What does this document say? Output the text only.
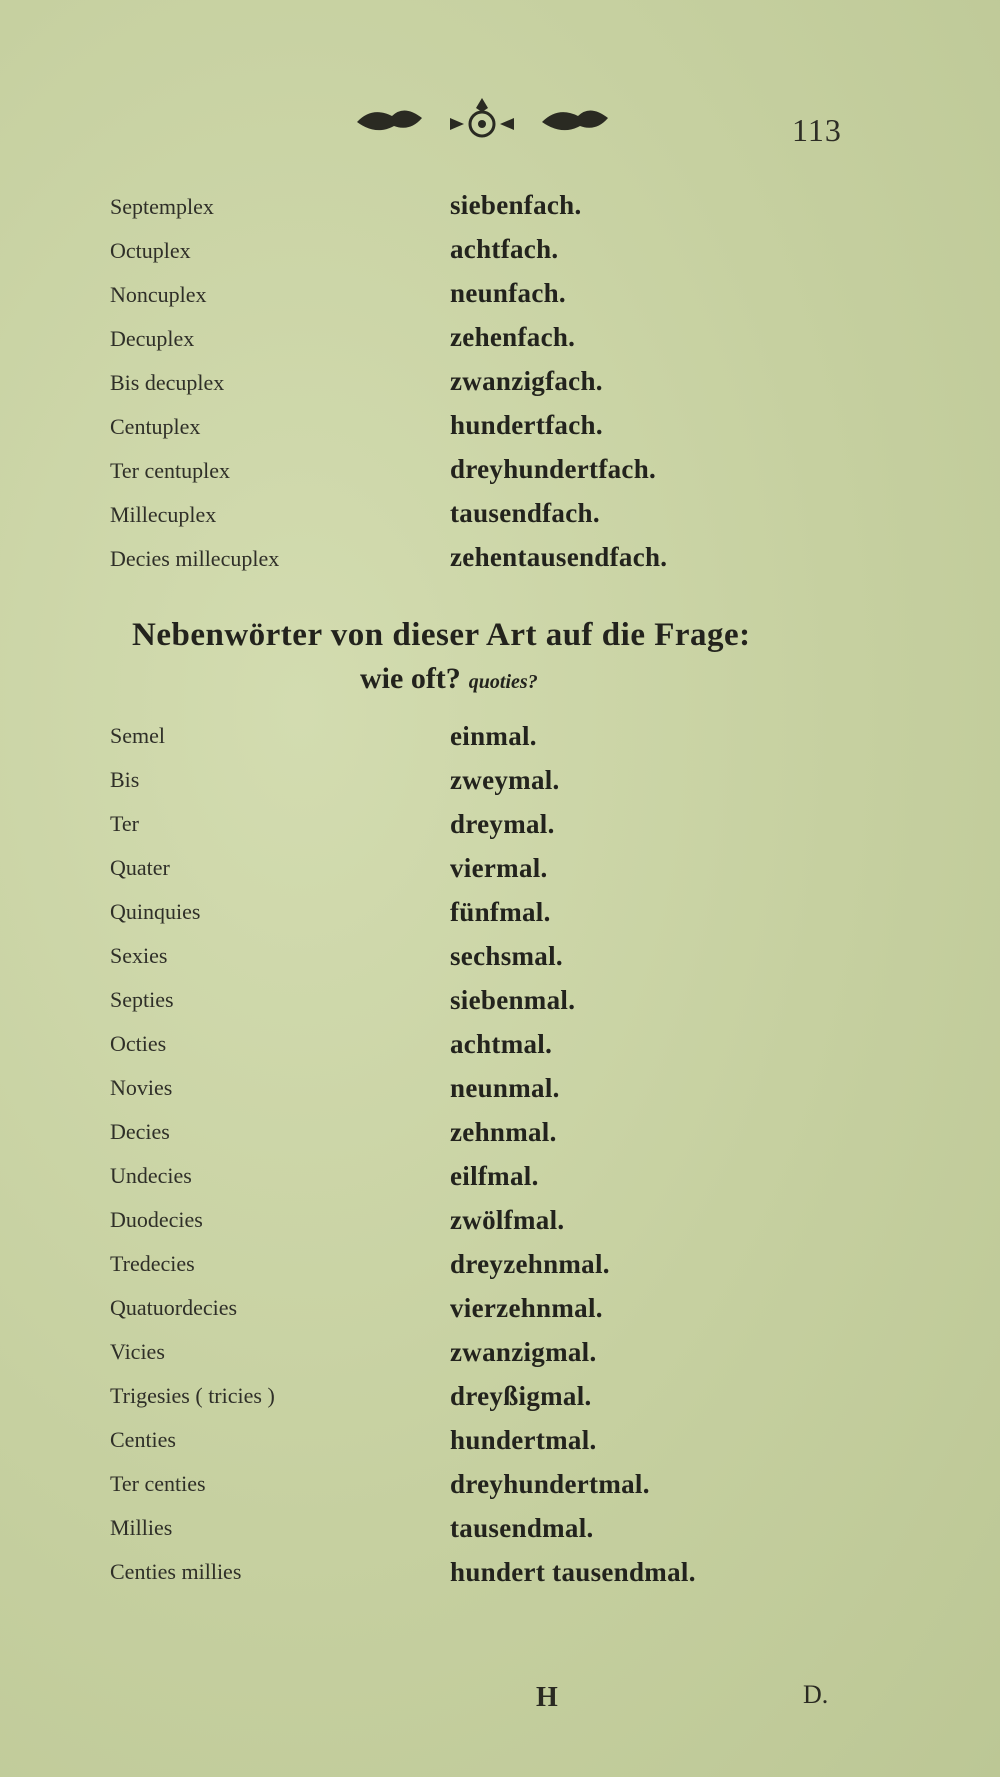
113
Septemplex	siebenfach.
Octuplex	achtfach.
Noncuplex	neunfach.
Decuplex	zehenfach.
Bis decuplex	zwanzigfach.
Centuplex	hundertfach.
Ter centuplex	dreyhundertfach.
Millecuplex	tausendfach.
Decies millecuplex	zehentausendfach.
Nebenwörter von dieser Art auf die Frage:
wie oft? quoties?
Semel	einmal.
Bis	zweymal.
Ter	dreymal.
Quater	viermal.
Quinquies	fünfmal.
Sexies	sechsmal.
Septies	siebenmal.
Octies	achtmal.
Novies	neunmal.
Decies	zehnmal.
Undecies	eilfmal.
Duodecies	zwölfmal.
Tredecies	dreyzehnmal.
Quatuordecies	vierzehnmal.
Vicies	zwanzigmal.
Trigesies ( tricies )	dreyßigmal.
Centies	hundertmal.
Ter centies	dreyhundertmal.
Millies	tausendmal.
Centies millies	hundert tausendmal.
H	D.
